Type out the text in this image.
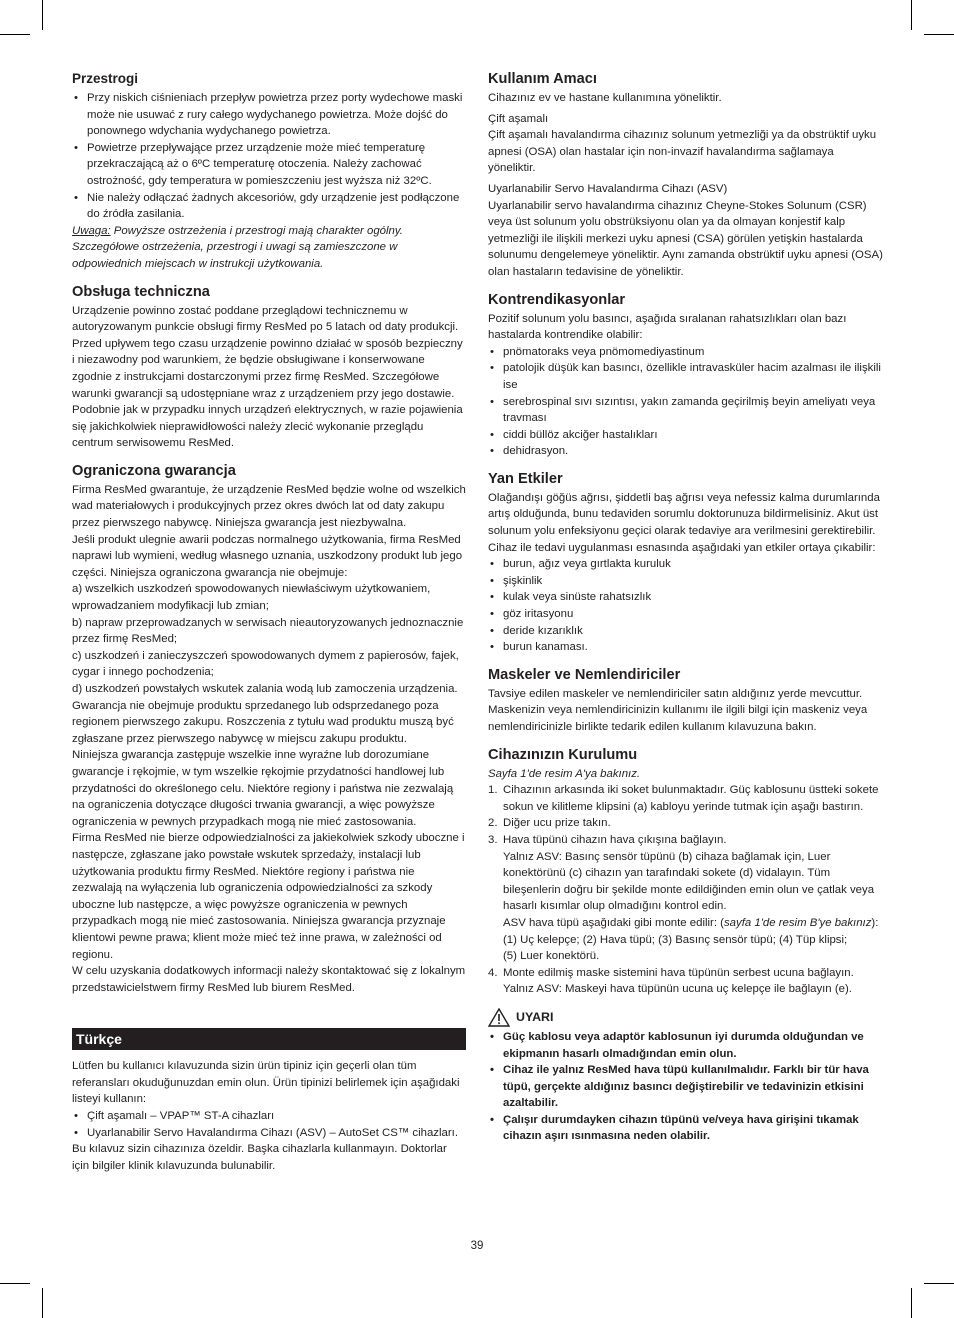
Przestrogi
• Przy niskich ciśnieniach przepływ powietrza przez porty wydechowe maski może nie usuwać z rury całego wydychanego powietrza. Może dojść do ponownego wdychania wydychanego powietrza.
• Powietrze przepływające przez urządzenie może mieć temperaturę przekraczającą aż o 6ºC temperaturę otoczenia. Należy zachować ostrożność, gdy temperatura w pomieszczeniu jest wyższa niż 32ºC.
• Nie należy odłączać żadnych akcesoriów, gdy urządzenie jest podłączone do źródła zasilania.

Uwaga: Powyższe ostrzeżenia i przestrogi mają charakter ogólny. Szczegółowe ostrzeżenia, przestrogi i uwagi są zamieszczone w odpowiednich miejscach w instrukcji użytkowania.

Obsługa techniczna

Urządzenie powinno zostać poddane przeglądowi technicznemu w autoryzowanym punkcie obsługi firmy ResMed po 5 latach od daty produkcji. Przed upływem tego czasu urządzenie powinno działać w sposób bezpieczny i niezawodny pod warunkiem, że będzie obsługiwane i konserwowane zgodnie z instrukcjami dostarczonymi przez firmę ResMed. Szczegółowe warunki gwarancji są udostępniane wraz z urządzeniem przy jego dostawie. Podobnie jak w przypadku innych urządzeń elektrycznych, w razie pojawienia się jakichkolwiek nieprawidłowości należy zlecić wykonanie przeglądu centrum serwisowemu ResMed.

Ograniczona gwarancja

Firma ResMed gwarantuje, że urządzenie ResMed będzie wolne od wszelkich wad materiałowych i produkcyjnych przez okres dwóch lat od daty zakupu przez pierwszego nabywcę. Niniejsza gwarancja jest niezbywalna.

Jeśli produkt ulegnie awarii podczas normalnego użytkowania, firma ResMed naprawi lub wymieni, według własnego uznania, uszkodzony produkt lub jego części. Niniejsza ograniczona gwarancja nie obejmuje:

a) wszelkich uszkodzeń spowodowanych niewłaściwym użytkowaniem, wprowadzaniem modyfikacji lub zmian;

b) napraw przeprowadzanych w serwisach nieautoryzowanych jednoznacznie przez firmę ResMed;

c) uszkodzeń i zanieczyszczeń spowodowanych dymem z papierosów, fajek, cygar i innego pochodzenia;

d) uszkodzeń powstałych wskutek zalania wodą lub zamoczenia urządzenia.

Gwarancja nie obejmuje produktu sprzedanego lub odsprzedanego poza regionem pierwszego zakupu. Roszczenia z tytułu wad produktu muszą być zgłaszane przez pierwszego nabywcę w miejscu zakupu produktu.

Niniejsza gwarancja zastępuje wszelkie inne wyraźne lub dorozumiane gwarancje i rękojmie, w tym wszelkie rękojmie przydatności handlowej lub przydatności do określonego celu. Niektóre regiony i państwa nie zezwalają na ograniczenia dotyczące długości trwania gwarancji, a więc powyższe ograniczenia w pewnych przypadkach mogą nie mieć zastosowania.

Firma ResMed nie bierze odpowiedzialności za jakiekolwiek szkody uboczne i następcze, zgłaszane jako powstałe wskutek sprzedaży, instalacji lub użytkowania produktu firmy ResMed. Niektóre regiony i państwa nie zezwalają na wyłączenia lub ograniczenia odpowiedzialności za szkody uboczne lub następcze, a więc powyższe ograniczenia w pewnych przypadkach mogą nie mieć zastosowania. Niniejsza gwarancja przyznaje klientowi pewne prawa; klient może mieć też inne prawa, w zależności od regionu.

W celu uzyskania dodatkowych informacji należy skontaktować się z lokalnym przedstawicielstwem firmy ResMed lub biurem ResMed.

Türkçe

Lütfen bu kullanıcı kılavuzunda sizin ürün tipiniz için geçerli olan tüm referansları okuduğunuzdan emin olun. Ürün tipinizi belirlemek için aşağıdaki listeyi kullanın:

• Çift aşamalı – VPAP™ ST-A cihazları
• Uyarlanabilir Servo Havalandırma Cihazı (ASV) – AutoSet CS™ cihazları.

Bu kılavuz sizin cihazınıza özeldir. Başka cihazlarla kullanmayın. Doktorlar için bilgiler klinik kılavuzunda bulunabilir.

Kullanım Amacı

Cihazınız ev ve hastane kullanımına yöneliktir.

Çift aşamalı

Çift aşamalı havalandırma cihazınız solunum yetmezliği ya da obstrüktif uyku apnesi (OSA) olan hastalar için non-invazif havalandırma sağlamaya yöneliktir.

Uyarlanabilir Servo Havalandırma Cihazı (ASV)

Uyarlanabilir servo havalandırma cihazınız Cheyne-Stokes Solunum (CSR) veya üst solunum yolu obstrüksiyonu olan ya da olmayan konjestif kalp yetmezliği ile ilişkili merkezi uyku apnesi (CSA) görülen yetişkin hastalarda solunumu dengelemeye yöneliktir. Aynı zamanda obstrüktif uyku apnesi (OSA) olan hastaların tedavisine de yöneliktir.

Kontrendikasyonlar

Pozitif solunum yolu basıncı, aşağıda sıralanan rahatsızlıkları olan bazı hastalarda kontrendike olabilir:

• pnömatoraks veya pnömomediyastinum
• patolojik düşük kan basıncı, özellikle intravasküler hacim azalması ile ilişkili ise
• serebrospinal sıvı sızıntısı, yakın zamanda geçirilmiş beyin ameliyatı veya travması
• ciddi büllöz akciğer hastalıkları
• dehidrasyon.
Yan Etkiler

Olağandışı göğüs ağrısı, şiddetli baş ağrısı veya nefessiz kalma durumlarında artış olduğunda, bunu tedaviden sorumlu doktorunuza bildirmelisiniz. Akut üst solunum yolu enfeksiyonu geçici olarak tedaviye ara verilmesini gerektirebilir.

Cihaz ile tedavi uygulanması esnasında aşağıdaki yan etkiler ortaya çıkabilir:

• burun, ağız veya gırtlakta kuruluk
• şişkinlik
• kulak veya sinüste rahatsızlık
• göz iritasyonu
• deride kızarıklık
• burun kanaması.
Maskeler ve Nemlendiriciler

Tavsiye edilen maskeler ve nemlendiriciler satın aldığınız yerde mevcuttur. Maskenizin veya nemlendiricinizin kullanımı ile ilgili bilgi için maskeniz veya nemlendiricinizle birlikte tedarik edilen kullanım kılavuzuna bakın.

Cihazınızın Kurulumu

Sayfa 1'de resim A'ya bakınız.

1. Cihazının arkasında iki soket bulunmaktadır. Güç kablosunu üstteki sokete sokun ve kilitleme klipsini (a) kabloyu yerinde tutmak için aşağı bastırın.
2. Diğer ucu prize takın.
3. Hava tüpünü cihazın hava çıkışına bağlayın.
Yalnız ASV: Basınç sensör tüpünü (b) cihaza bağlamak için, Luer konektörünü (c) cihazın yan tarafındaki sokete (d) vidalayın. Tüm bileşenlerin doğru bir şekilde monte edildiğinden emin olun ve çatlak veya hasarlı kısımlar olup olmadığını kontrol edin.
ASV hava tüpü aşağıdaki gibi monte edilir: (sayfa 1'de resim B'ye bakınız):
(1) Uç kelepçe; (2) Hava tüpü; (3) Basınç sensör tüpü; (4) Tüp klipsi;
(5) Luer konektörü.
4. Monte edilmiş maske sistemini hava tüpünün serbest ucuna bağlayın.
Yalnız ASV: Maskeyi hava tüpünün ucuna uç kelepçe ile bağlayın (e).
UYARI
• Güç kablosu veya adaptör kablosunun iyi durumda olduğundan ve ekipmanın hasarlı olmadığından emin olun.
• Cihaz ile yalnız ResMed hava tüpü kullanılmalıdır. Farklı bir tür hava tüpü, gerçekte aldığınız basıncı değiştirebilir ve tedavinizin etkisini azaltabilir.
• Çalışır durumdayken cihazın tüpünü ve/veya hava girişini tıkamak cihazın aşırı ısınmasına neden olabilir.
39
